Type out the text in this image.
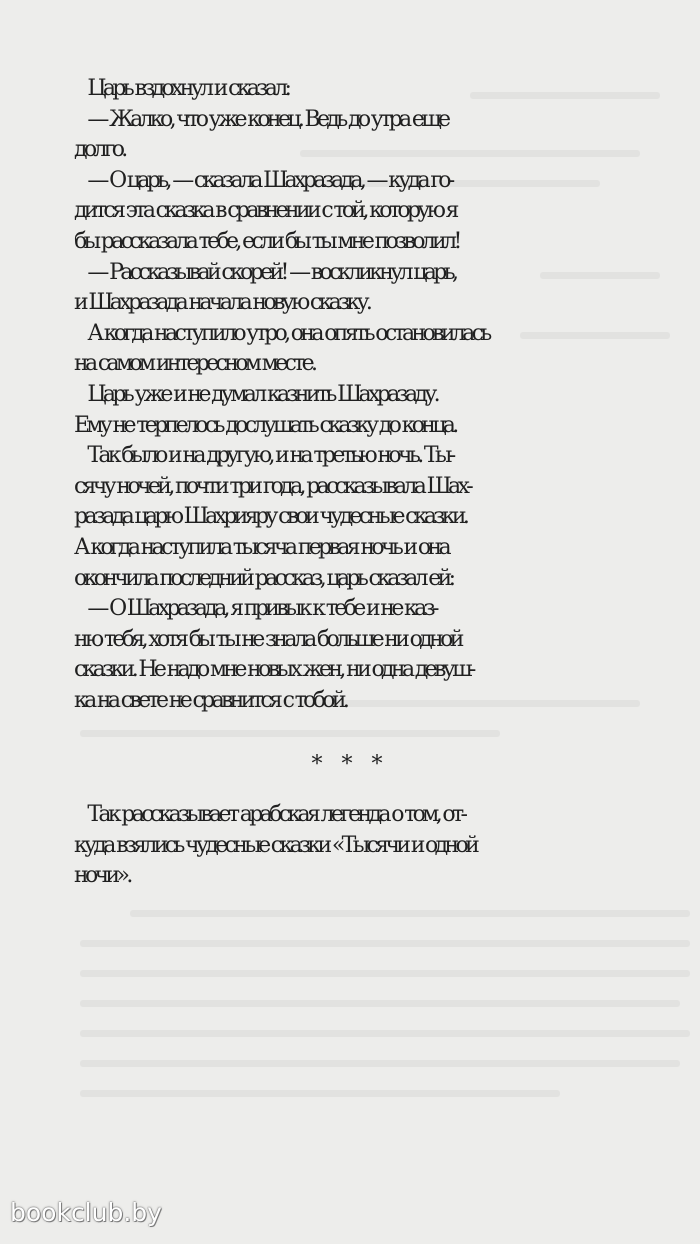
Царь вздохнул и сказал:
— Жалко, что уже конец. Ведь до утра еще
долго.
— О царь, — сказала Шахразада, — куда го-
дится эта сказка в сравнении с той, которую я
бы рассказала тебе, если бы ты мне позволил!
— Рассказывай скорей! — воскликнул царь,
и Шахразада начала новую сказку.
А когда наступило утро, она опять остановилась
на самом интересном месте.
Царь уже и не думал казнить Шахразаду.
Ему не терпелось дослушать сказку до конца.
Так было и на другую, и на третью ночь. Ты-
сячу ночей, почти три года, рассказывала Шах-
разада царю Шахрияру свои чудесные сказки.
А когда наступила тысяча первая ночь и она
окончила последний рассказ, царь сказал ей:
— О Шахразада, я привык к тебе и не каз-
ню тебя, хотя бы ты не знала больше ни одной
сказки. Не надо мне новых жен, ни одна девуш-
ка на свете не сравнится с тобой.
* * *
Так рассказывает арабская легенда о том, от-
куда взялись чудесные сказки «Тысячи и одной
ночи».
bookclub.by
